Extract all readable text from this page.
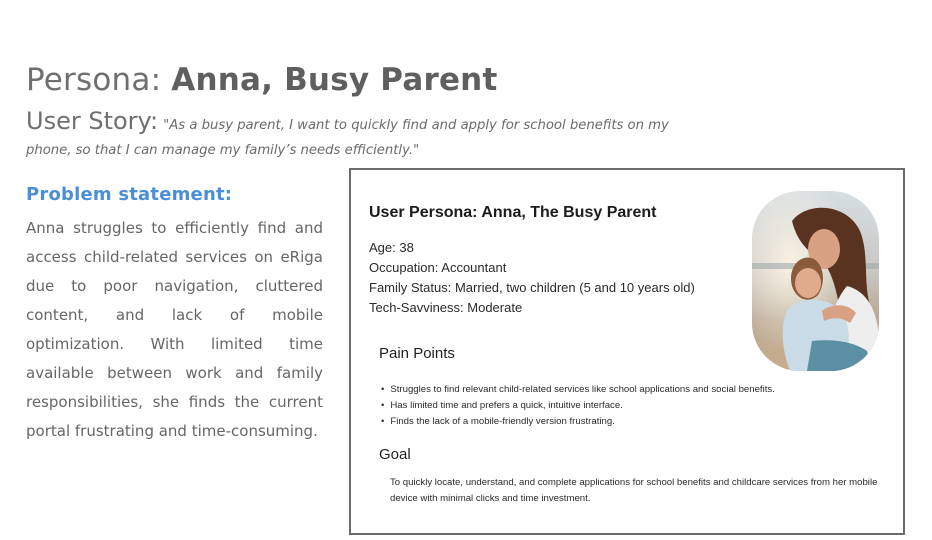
Persona: Anna, Busy Parent
User Story: "As a busy parent, I want to quickly find and apply for school benefits on my phone, so that I can manage my family’s needs efficiently."
Problem statement:
Anna struggles to efficiently find and access child-related services on eRiga due to poor navigation, cluttered content, and lack of mobile optimization. With limited time available between work and family responsibilities, she finds the current portal frustrating and time-consuming.
User Persona: Anna, The Busy Parent
Age: 38
Occupation: Accountant
Family Status: Married, two children (5 and 10 years old)
Tech-Savviness: Moderate
Pain Points
• Struggles to find relevant child-related services like school applications and social benefits.
• Has limited time and prefers a quick, intuitive interface.
• Finds the lack of a mobile-friendly version frustrating.
Goal
To quickly locate, understand, and complete applications for school benefits and childcare services from her mobile device with minimal clicks and time investment.
